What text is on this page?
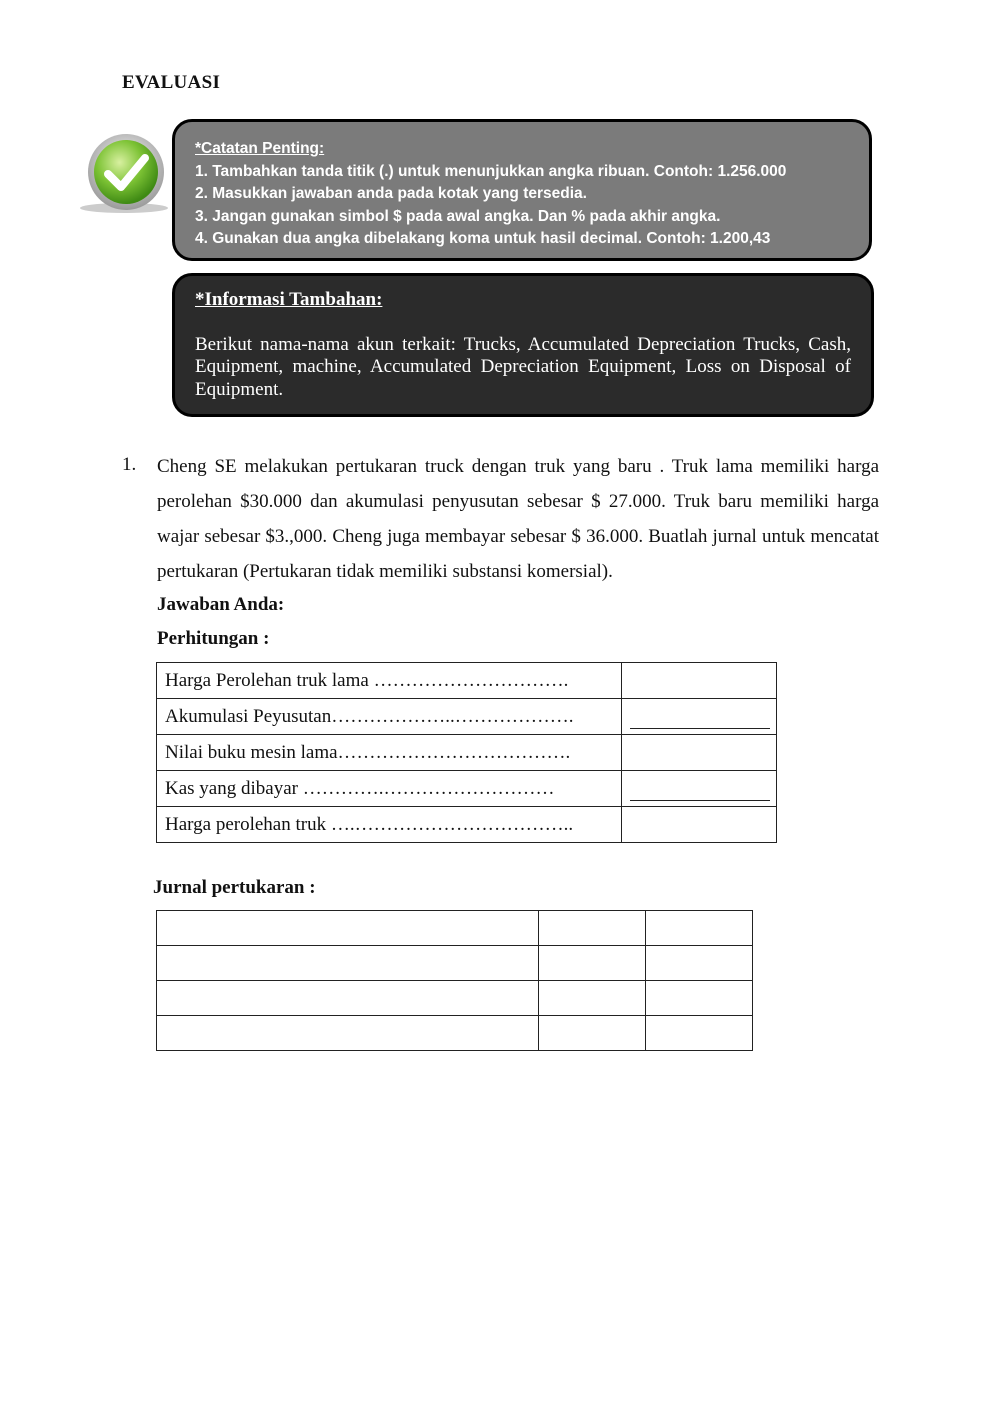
EVALUASI
*Catatan Penting:
1. Tambahkan tanda titik (.) untuk menunjukkan angka ribuan. Contoh: 1.256.000
2. Masukkan jawaban anda pada kotak yang tersedia.
3. Jangan gunakan simbol $ pada awal angka. Dan % pada akhir angka.
4. Gunakan dua angka dibelakang koma untuk hasil decimal. Contoh: 1.200,43
*Informasi Tambahan:
Berikut nama-nama akun terkait: Trucks, Accumulated Depreciation Trucks, Cash, Equipment, machine, Accumulated Depreciation Equipment, Loss on Disposal of Equipment.
1. Cheng SE melakukan pertukaran truck dengan truk yang baru . Truk lama memiliki harga perolehan $30.000 dan akumulasi penyusutan sebesar $ 27.000. Truk baru memiliki harga wajar sebesar $3.,000. Cheng juga membayar sebesar $ 36.000. Buatlah jurnal untuk mencatat pertukaran (Pertukaran tidak memiliki substansi komersial).
Jawaban Anda:
Perhitungan :
Harga Perolehan truk lama ………………………….	
Akumulasi Peyusutan………………..……………….	

Nilai buku mesin lama……………………………….	
Kas yang dibayar ………….………………………	

Harga perolehan truk ….……………………………..	
Jurnal pertukaran :
